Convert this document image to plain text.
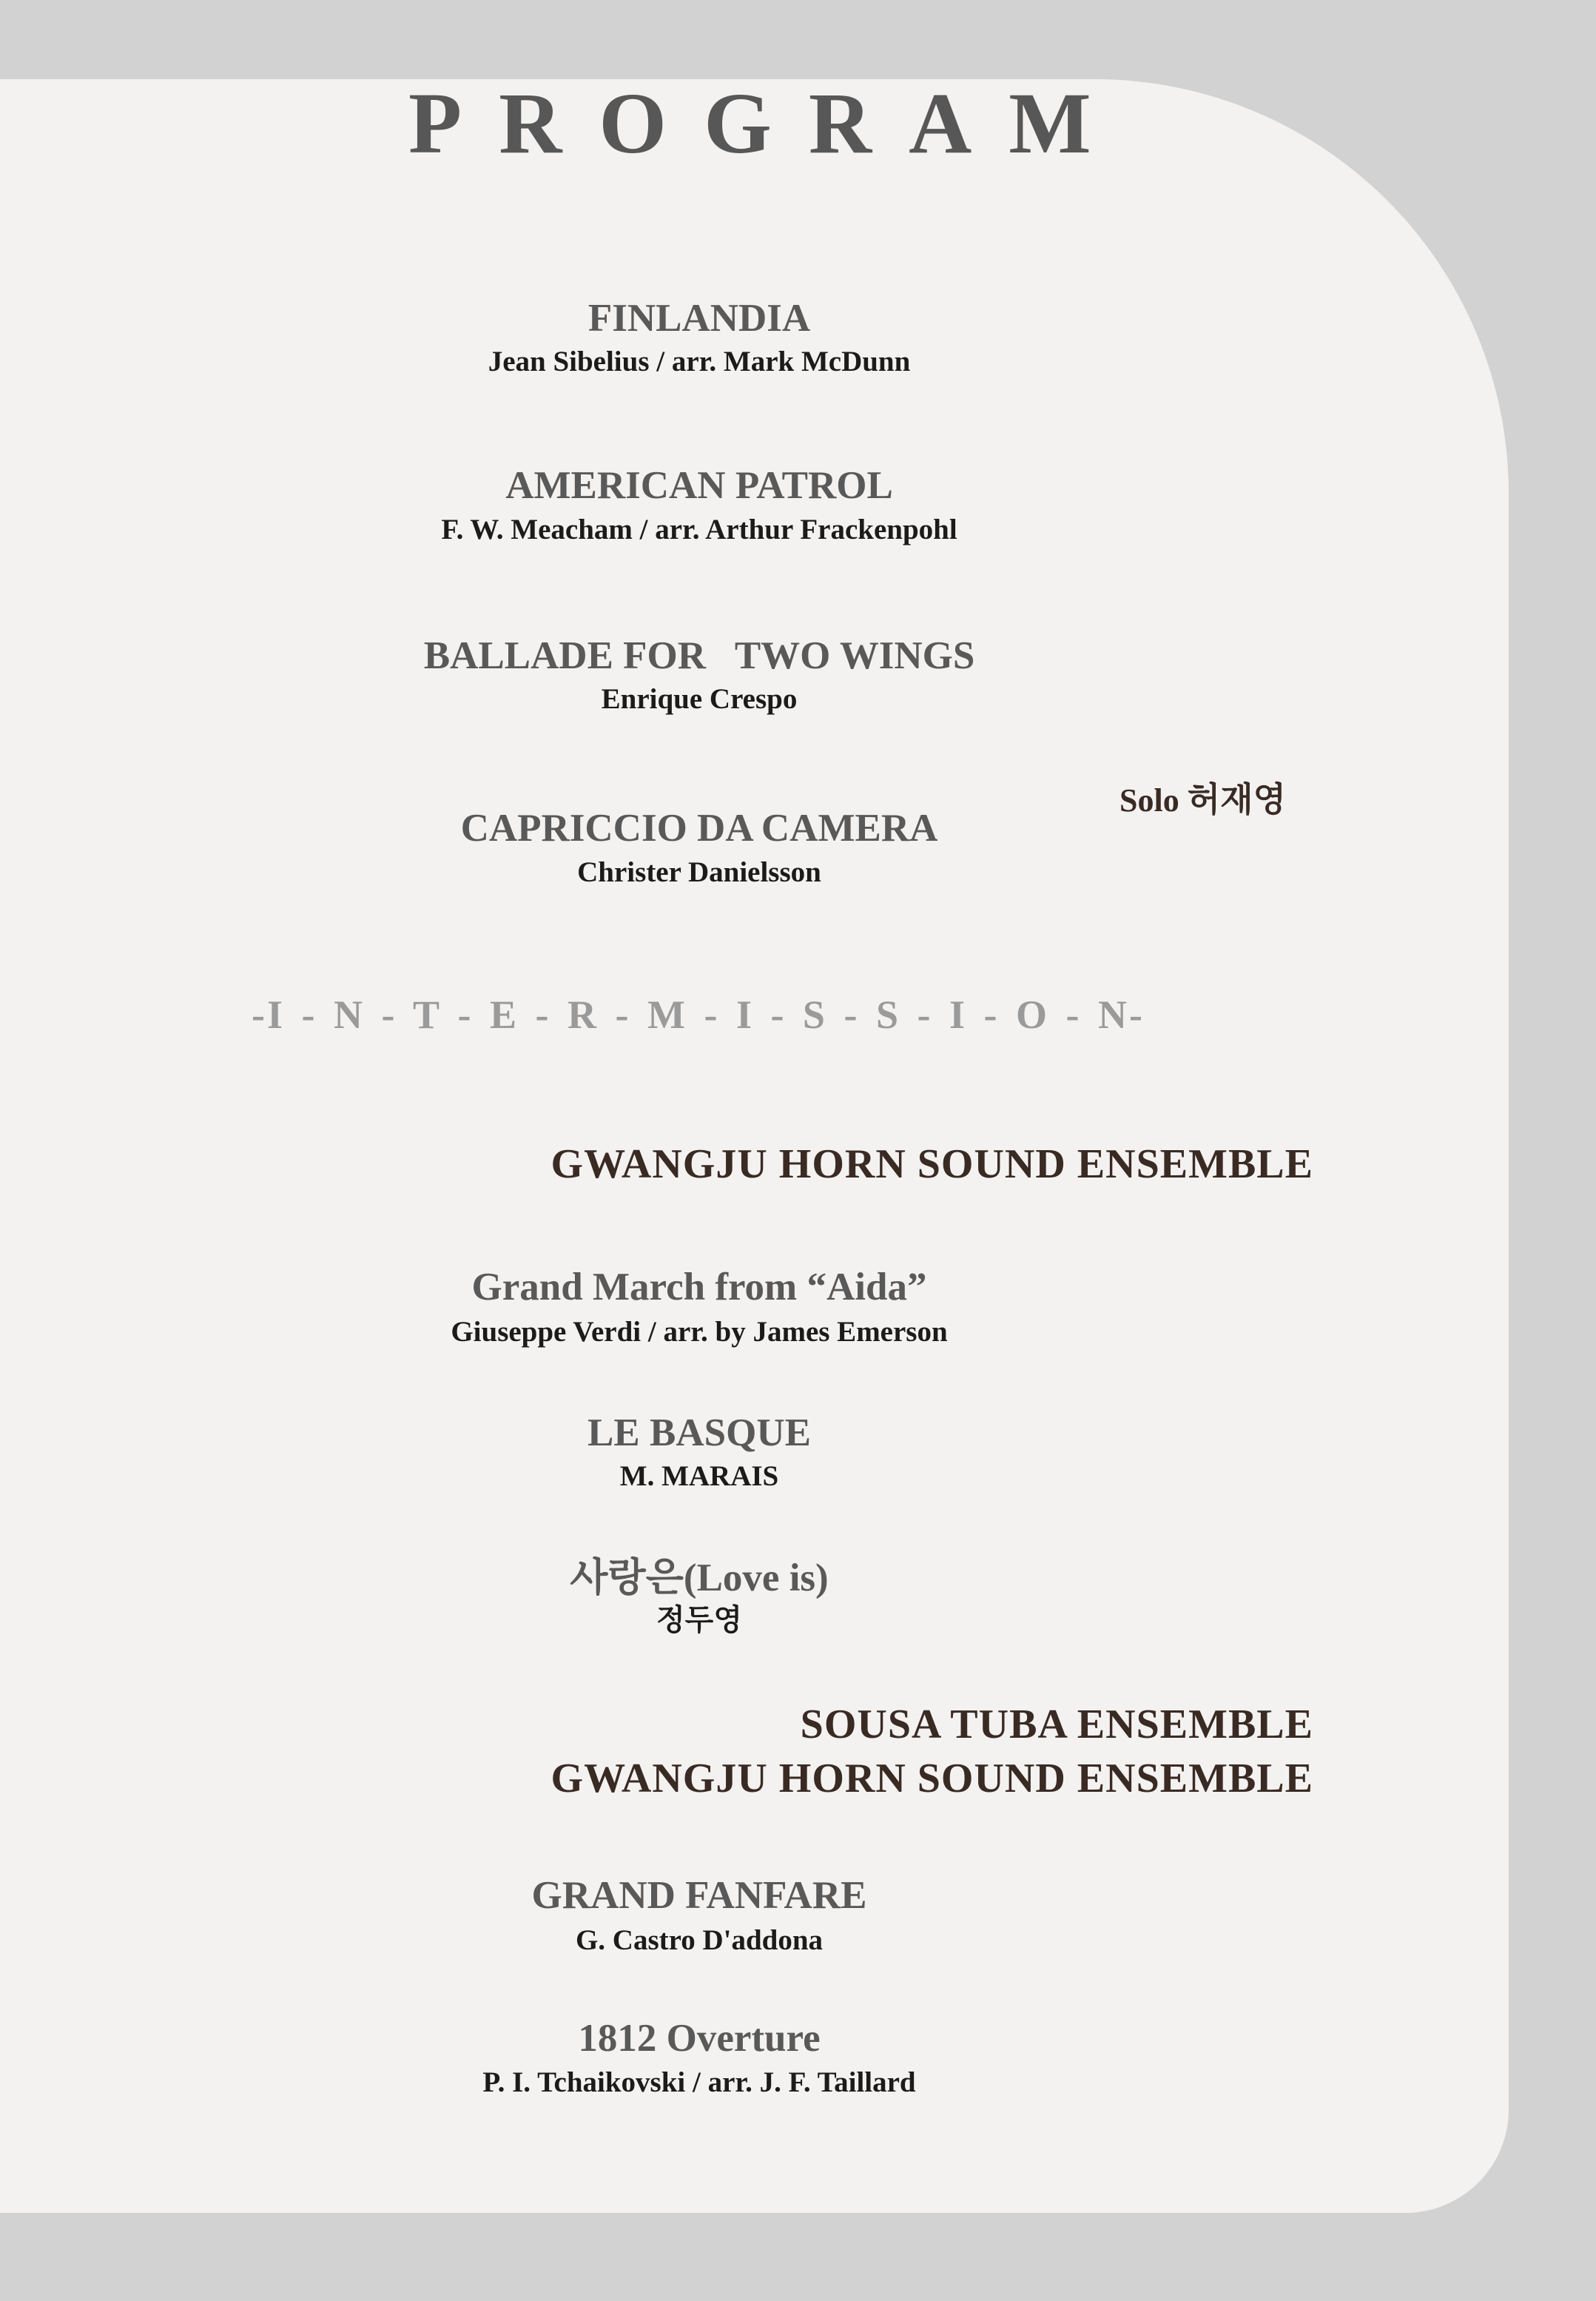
PROGRAM
FINLANDIA
Jean Sibelius / arr. Mark McDunn
AMERICAN PATROL
F. W. Meacham / arr. Arthur Frackenpohl
BALLADE FOR   TWO WINGS
Enrique Crespo
Solo 허재영
CAPRICCIO DA CAMERA
Christer Danielsson
-I - N - T - E - R - M - I - S - S - I - O - N-
GWANGJU HORN SOUND ENSEMBLE
Grand March from “Aida”
Giuseppe Verdi / arr. by James Emerson
LE BASQUE
M. MARAIS
사랑은(Love is)
정두영
SOUSA TUBA ENSEMBLE
GWANGJU HORN SOUND ENSEMBLE
GRAND FANFARE
G. Castro D'addona
1812 Overture
P. I. Tchaikovski / arr. J. F. Taillard
